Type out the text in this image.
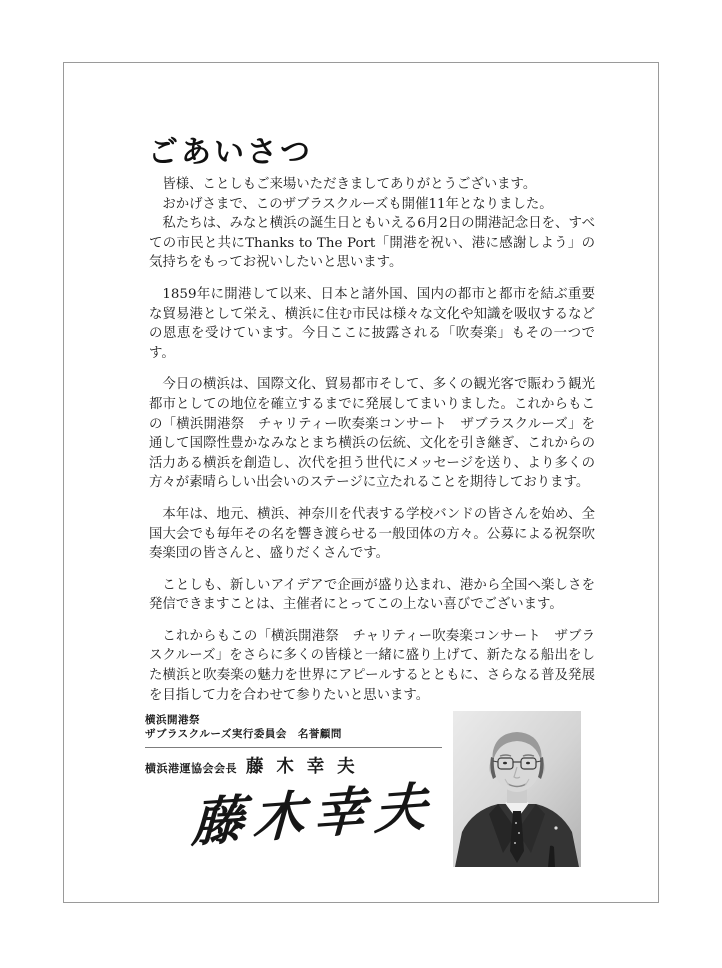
ごあいさつ

皆様、ことしもご来場いただきましてありがとうございます。

おかげさまで、このザブラスクルーズも開催11年となりました。

私たちは、みなと横浜の誕生日ともいえる6月2日の開港記念日を、すべての市民と共にThanks to The Port「開港を祝い、港に感謝しよう」の気持ちをもってお祝いしたいと思います。

1859年に開港して以来、日本と諸外国、国内の都市と都市を結ぶ重要な貿易港として栄え、横浜に住む市民は様々な文化や知識を吸収するなどの恩恵を受けています。今日ここに披露される「吹奏楽」もその一つです。

今日の横浜は、国際文化、貿易都市そして、多くの観光客で賑わう観光都市としての地位を確立するまでに発展してまいりました。これからもこの「横浜開港祭　チャリティー吹奏楽コンサート　ザブラスクルーズ」を通して国際性豊かなみなとまち横浜の伝統、文化を引き継ぎ、これからの活力ある横浜を創造し、次代を担う世代にメッセージを送り、より多くの方々が素晴らしい出会いのステージに立たれることを期待しております。

本年は、地元、横浜、神奈川を代表する学校バンドの皆さんを始め、全国大会でも毎年その名を響き渡らせる一般団体の方々。公募による祝祭吹奏楽団の皆さんと、盛りだくさんです。

ことしも、新しいアイデアで企画が盛り込まれ、港から全国へ楽しさを発信できますことは、主催者にとってこの上ない喜びでございます。

これからもこの「横浜開港祭　チャリティー吹奏楽コンサート　ザブラスクルーズ」をさらに多くの皆様と一緒に盛り上げて、新たなる船出をした横浜と吹奏楽の魅力を世界にアピールするとともに、さらなる普及発展を目指して力を合わせて参りたいと思います。

横浜開港祭
ザブラスクルーズ実行委員会　名誉顧問
横浜港運協会会長 藤 木 幸 夫
藤木幸夫
